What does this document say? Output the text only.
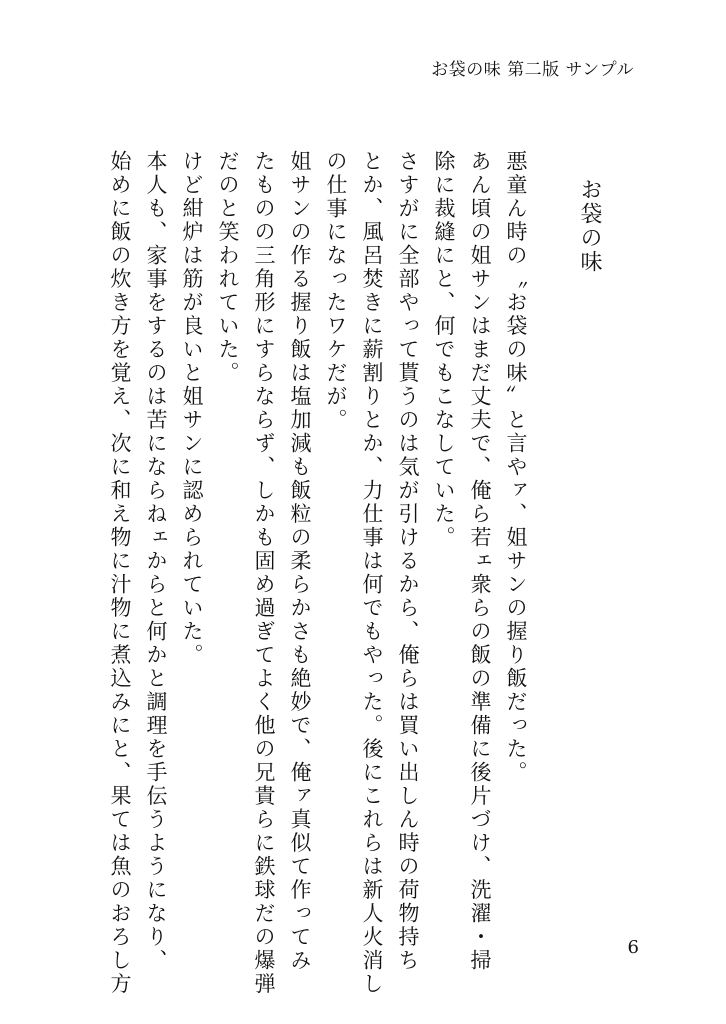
お袋の味 第二版 サンプル
お袋の味
悪童ん時の〝お袋の味〟と言やァ、姐サンの握り飯だった。
あん頃の姐サンはまだ丈夫で、俺ら若ェ衆らの飯の準備に後片づけ、洗濯・掃
除に裁縫にと、何でもこなしていた。
さすがに全部やって貰うのは気が引けるから、俺らは買い出しん時の荷物持ち
とか、風呂焚きに薪割りとか、力仕事は何でもやった。後にこれらは新人火消し
の仕事になったワケだが。
姐サンの作る握り飯は塩加減も飯粒の柔らかさも絶妙で、俺ァ真似て作ってみ
たものの三角形にすらならず、しかも固め過ぎてよく他の兄貴らに鉄球だの爆弾
だのと笑われていた。
けど紺炉は筋が良いと姐サンに認められていた。
本人も、家事をするのは苦にならねェからと何かと調理を手伝うようになり、
始めに飯の炊き方を覚え、次に和え物に汁物に煮込みにと、果ては魚のおろし方	6
